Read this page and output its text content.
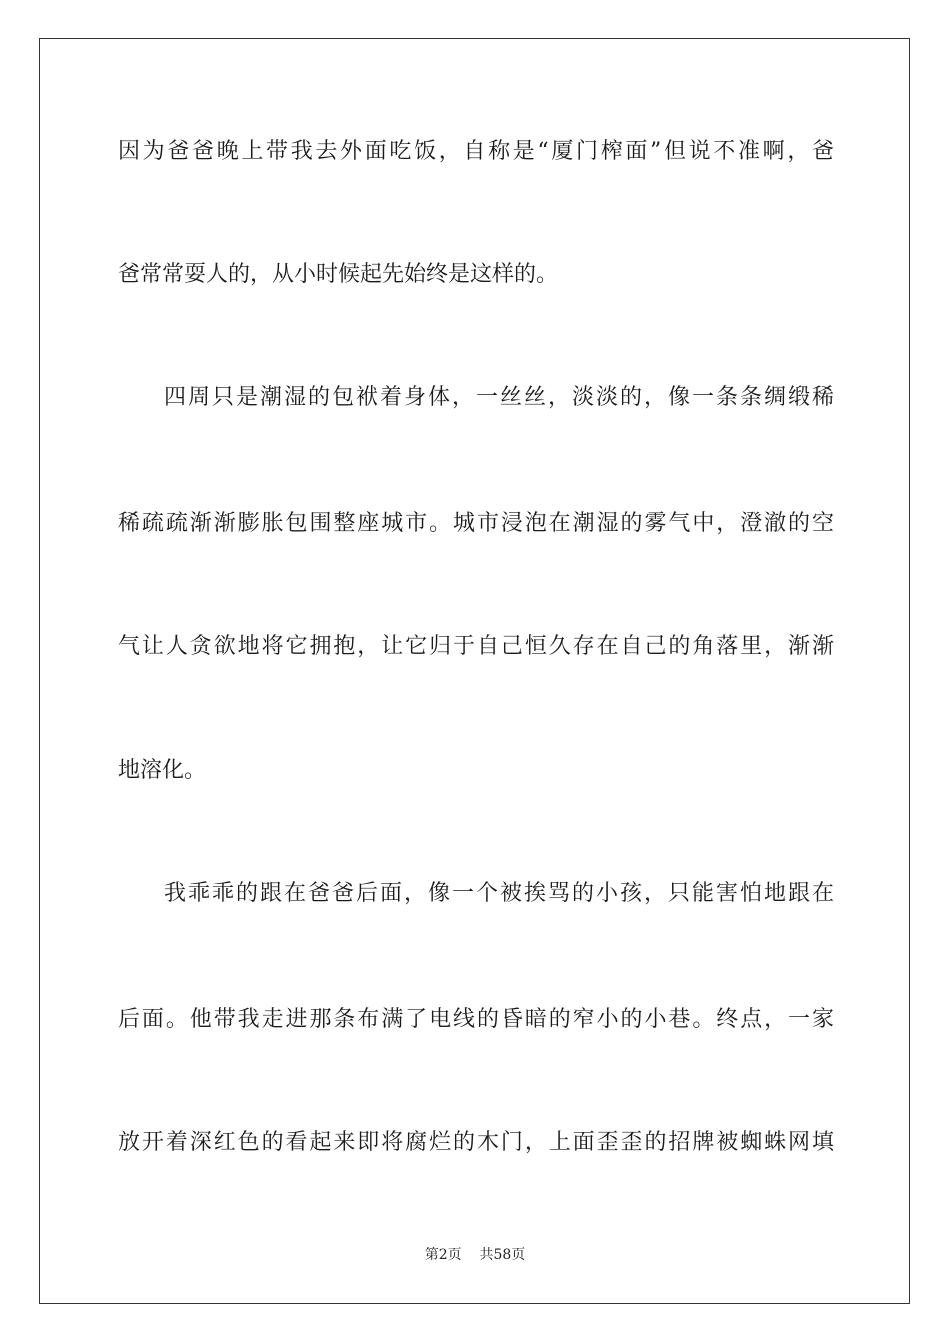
因为爸爸晚上带我去外面吃饭，自称是“厦门榨面”但说不准啊，爸
爸常常耍人的，从小时候起先始终是这样的。
四周只是潮湿的包袱着身体，一丝丝，淡淡的，像一条条绸缎稀
稀疏疏渐渐膨胀包围整座城市。城市浸泡在潮湿的雾气中，澄澈的空
气让人贪欲地将它拥抱，让它归于自己恒久存在自己的角落里，渐渐
地溶化。
我乖乖的跟在爸爸后面，像一个被挨骂的小孩，只能害怕地跟在
后面。他带我走进那条布满了电线的昏暗的窄小的小巷。终点，一家
放开着深红色的看起来即将腐烂的木门，上面歪歪的招牌被蜘蛛网填
第2页 共58页
